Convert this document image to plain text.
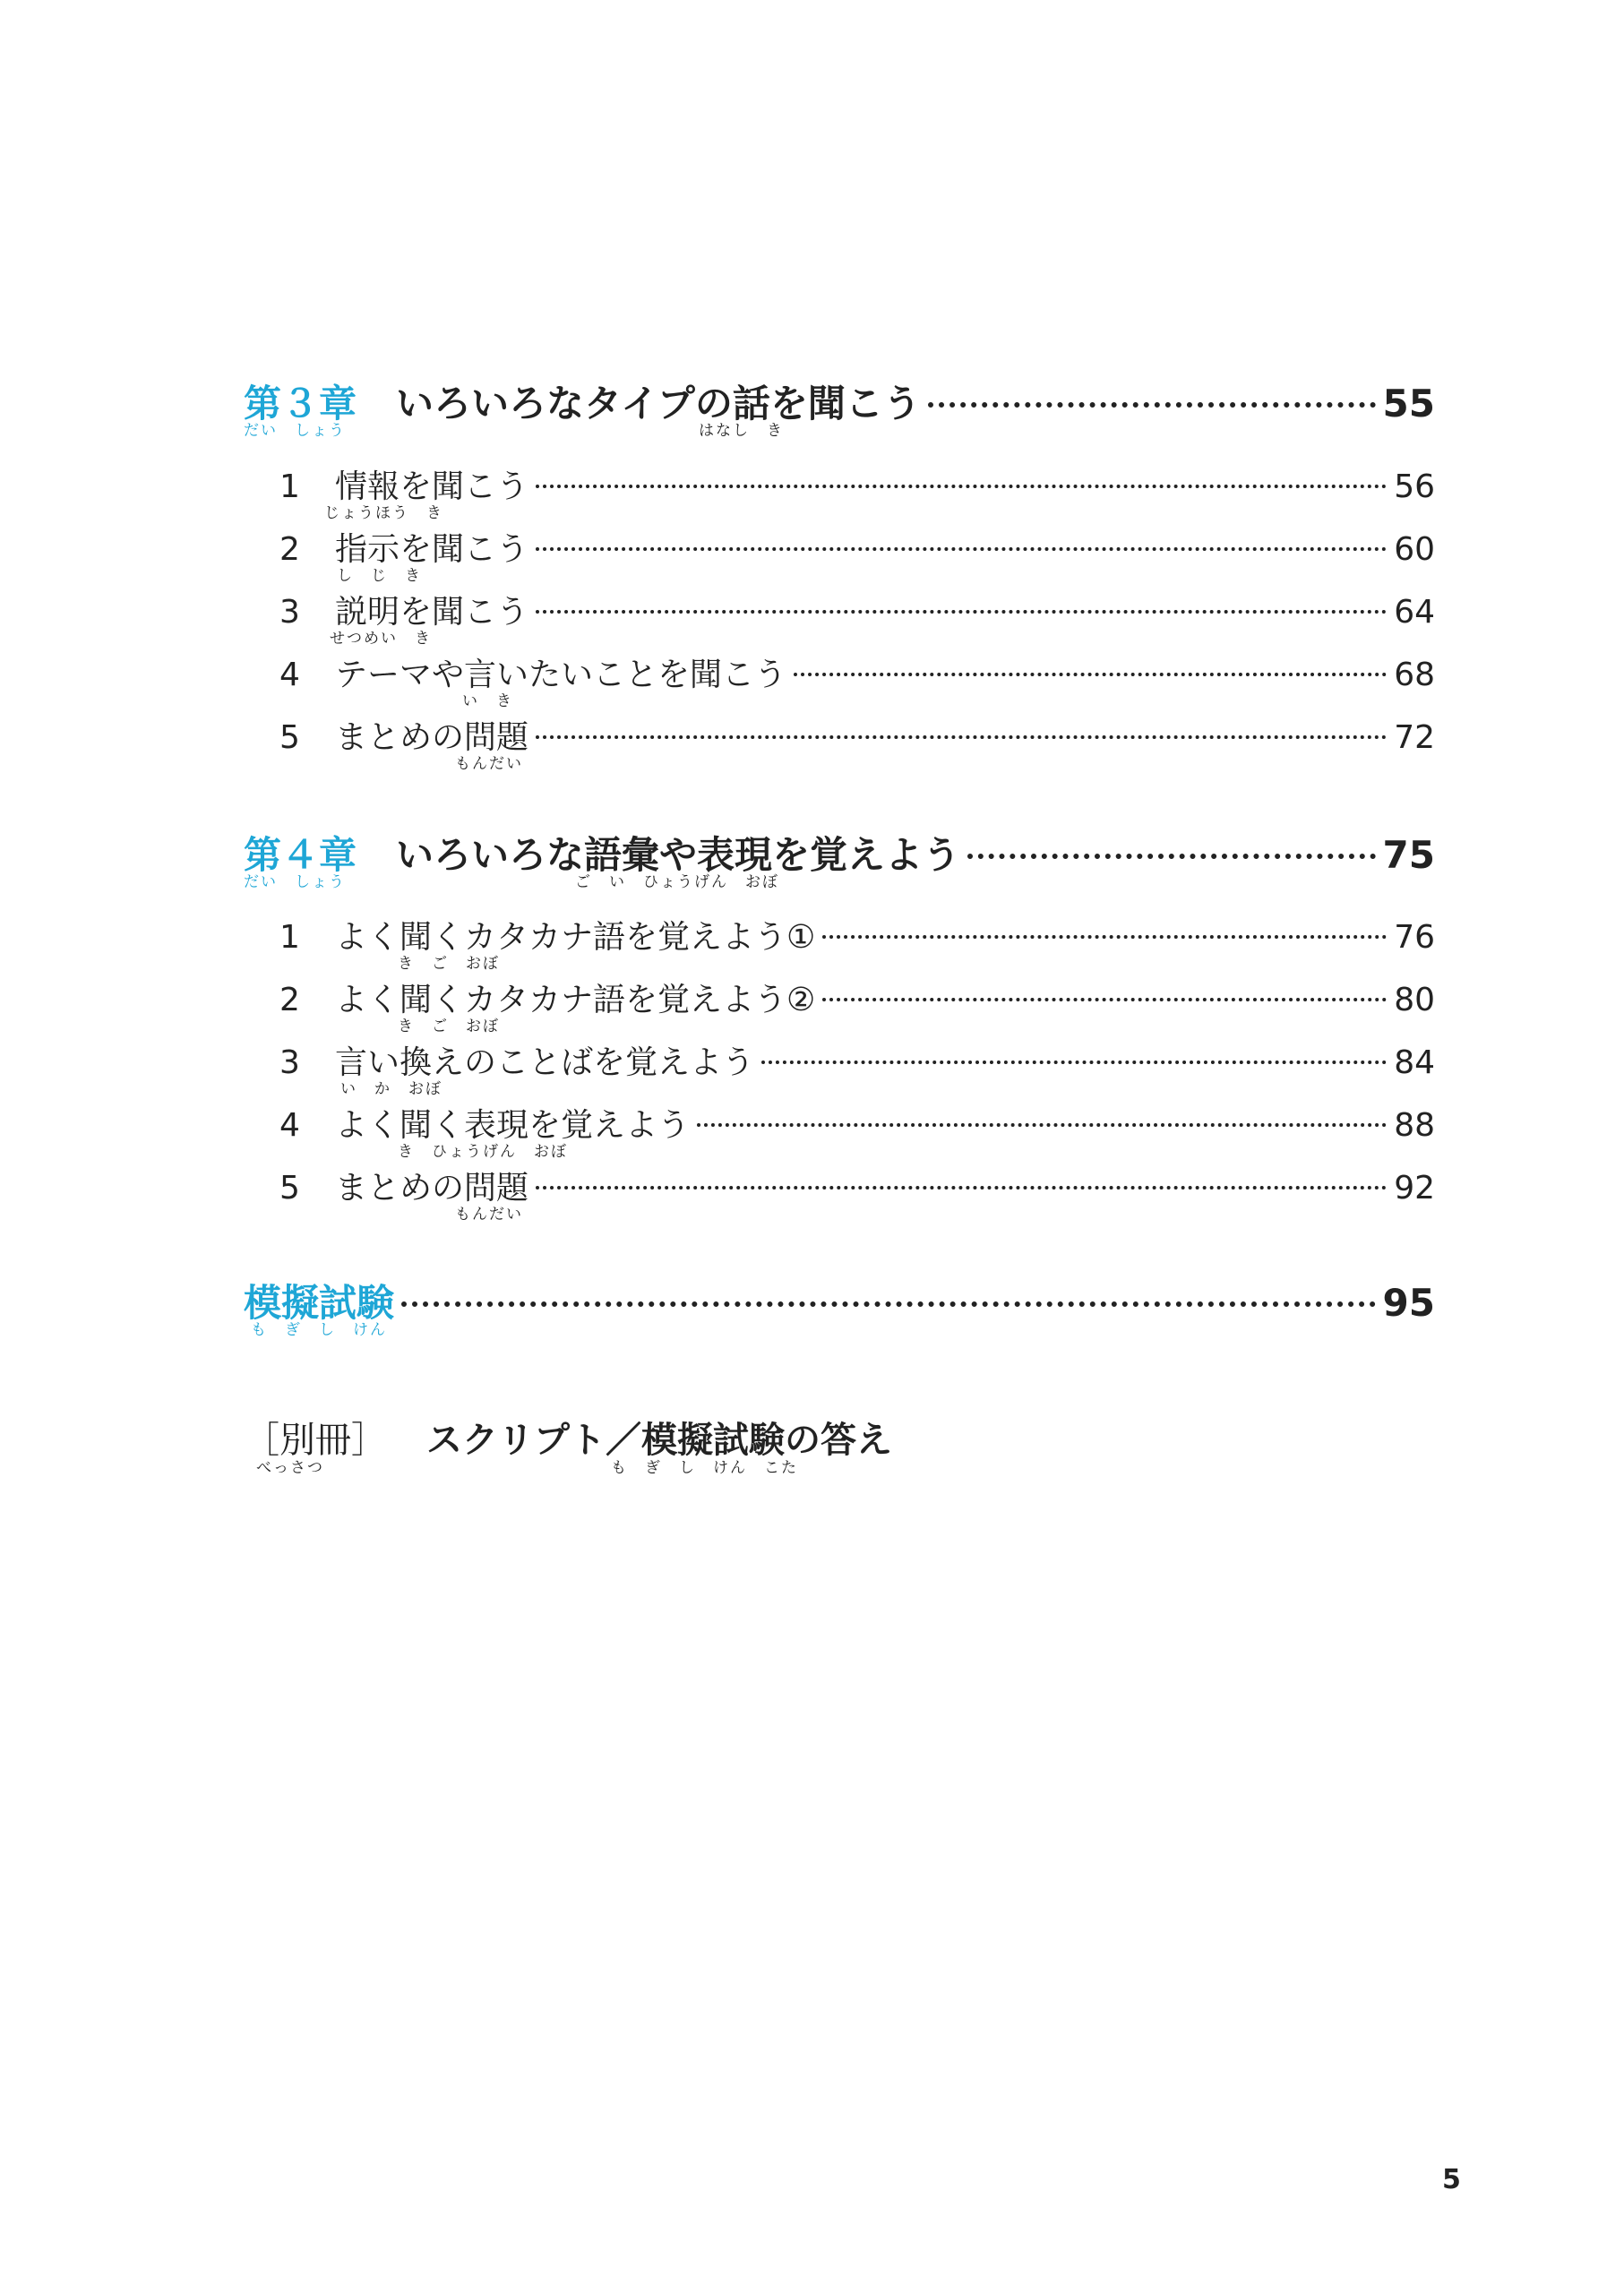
第３章 いろいろなタイプの話を聞こう	55
だい　しょう	はなし　き
1	情報を聞こう	56
じょうほう　き
2	指示を聞こう	60
し　じ　き
3	説明を聞こう	64
せつめい　き
4	テーマや言いたいことを聞こう	68
い　き
5	まとめの問題	72
もんだい
第４章 いろいろな語彙や表現を覚えよう	75
だい　しょう	ご　い　ひょうげん　おぼ
1	よく聞くカタカナ語を覚えよう①	76
き　ご　おぼ
2	よく聞くカタカナ語を覚えよう②	80
き　ご　おぼ
3	言い換えのことばを覚えよう	84
い　か　おぼ
4	よく聞く表現を覚えよう	88
き　ひょうげん　おぼ
5	まとめの問題	92
もんだい
模擬試験	95
も　ぎ　し　けん
［別冊］ スクリプト／模擬試験の答え
べっさつ	も　ぎ　し　けん　こた
5
